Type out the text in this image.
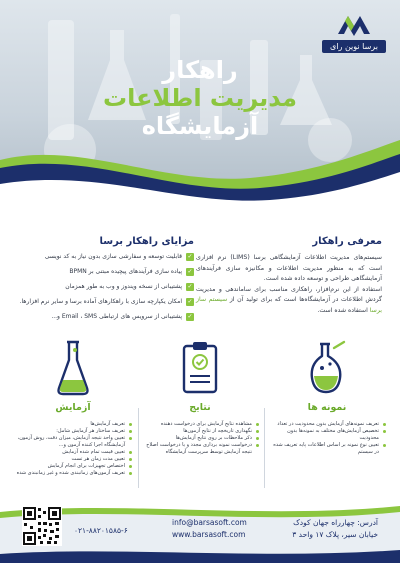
برسا نوین رای
راهکار
مدیریت اطلاعات
آزمایشگاه
معرفی راهکار

سیستم‌های مدیریت اطلاعات آزمایشگاهی برسا (LIMS) نرم افزاری است که به منظور مدیریت اطلاعات و مکانیزه سازی فرآیندهای آزمایشگاهی طراحی و توسعه داده شده است.

استفاده از این نرم‌افزار، راهکاری مناسب برای ساماندهی و مدیریت گردش اطلاعات در آزمایشگاه‌ها است که برای تولید آن از سیستم ساز برسا استفاده شده است.

مزایای راهکار برسا
✓
قابلیت توسعه و سفارشی سازی بدون نیاز به کد نویسی
✓
پیاده سازی فرآیندهای پیچیده مبتنی بر BPMN
✓
پشتیبانی از نسخه ویندوز و وب به طور همزمان
✓
امکان یکپارچه سازی با راهکارهای آماده برسا و سایر نرم افزارها.
✓
پشتیبانی از سرویس های ارتباطی Email ، SMS و...
آزمایش
تعریف آزمایش‌ها
تعریف ساختار هر آزمایش شامل:
تعیین واحد نتیجه آزمایش، میزان دقت، روش آزمون، آزمایشگاه اجرا کننده آزمون و...
تعیین قیمت تمام شده آزمایش
تعیین مدت زمان هر تست
اختصاص تجهیزات برای انجام آزمایش
تعریف آزمون‌های زمانبندی شده و غیر زمانبندی شده
نتایج
مشاهده نتایج آزمایش برای درخواست دهنده
نگهداری تاریخچه از نتایج آزمون‌ها
ذکر ملاحظات بر روی نتایج آزمایش‌ها
درخواست نمونه برداری مجدد و یا درخواست اصلاح نتیجه آزمایش توسط سرپرست آزمایشگاه
نمونه ها
تعریف نمونه‌های آزمایش بدون محدودیت در تعداد
تخصیص آزمایش‌های مختلف به نمونه‌ها بدون محدودیت
تعیین نوع نمونه بر اساس اطلاعات پایه تعریف شده در سیستم
۰۲۱-۸۸۲۰۱۵۸۵-۶
info@barsasoft.com
www.barsasoft.com
آدرس: چهارراه جهان کودک
خیابان سیر، پلاک ۱۷ واحد ۳
